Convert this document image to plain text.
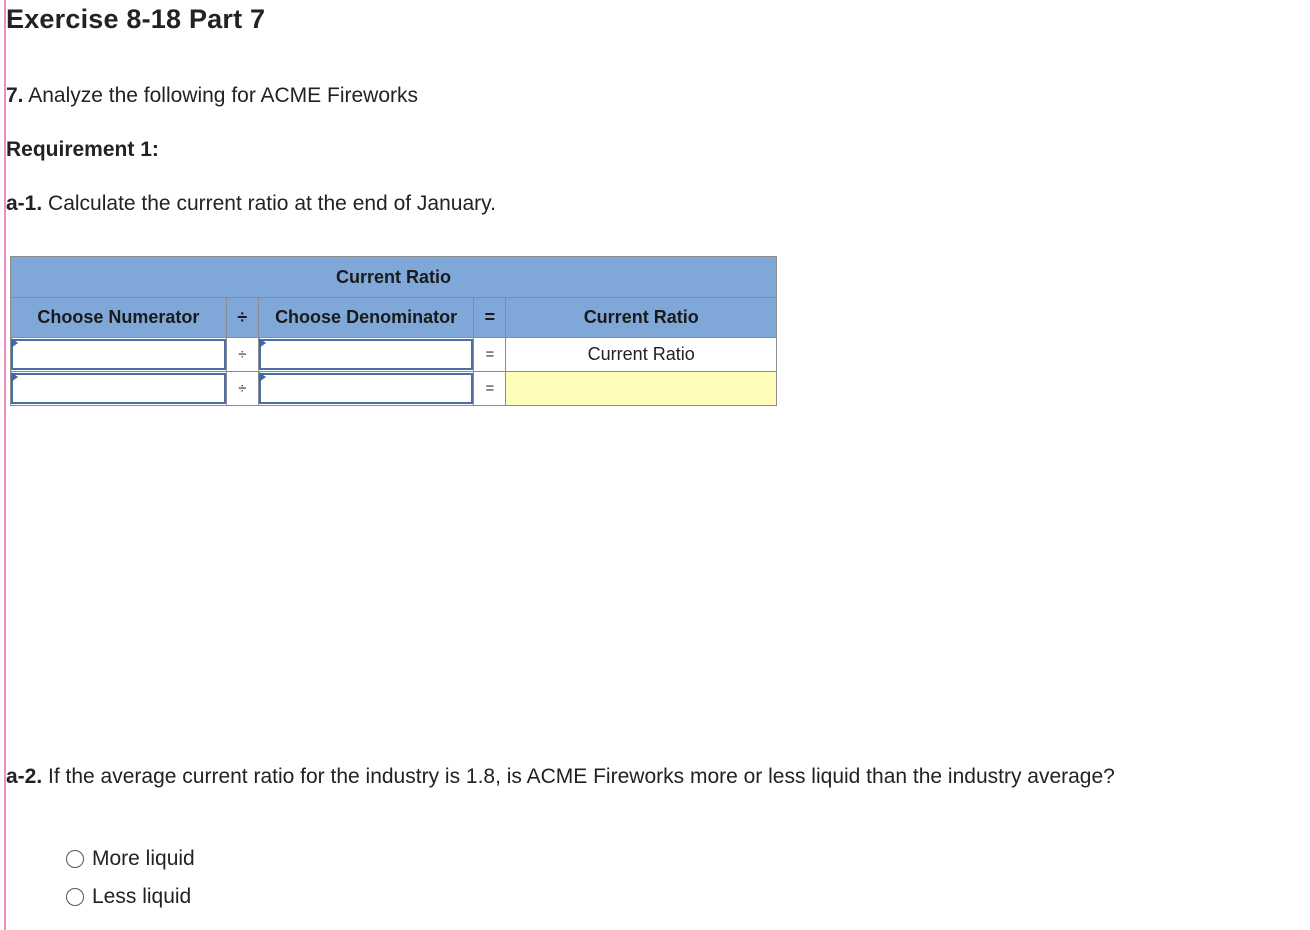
Exercise 8-18 Part 7
7. Analyze the following for ACME Fireworks
Requirement 1:
a-1. Calculate the current ratio at the end of January.
Current Ratio				
Choose Numerator	÷	Choose Denominator	=	Current Ratio

	÷		=	Current Ratio

	÷		=	
a-2. If the average current ratio for the industry is 1.8, is ACME Fireworks more or less liquid than the industry average?
More liquid
Less liquid
